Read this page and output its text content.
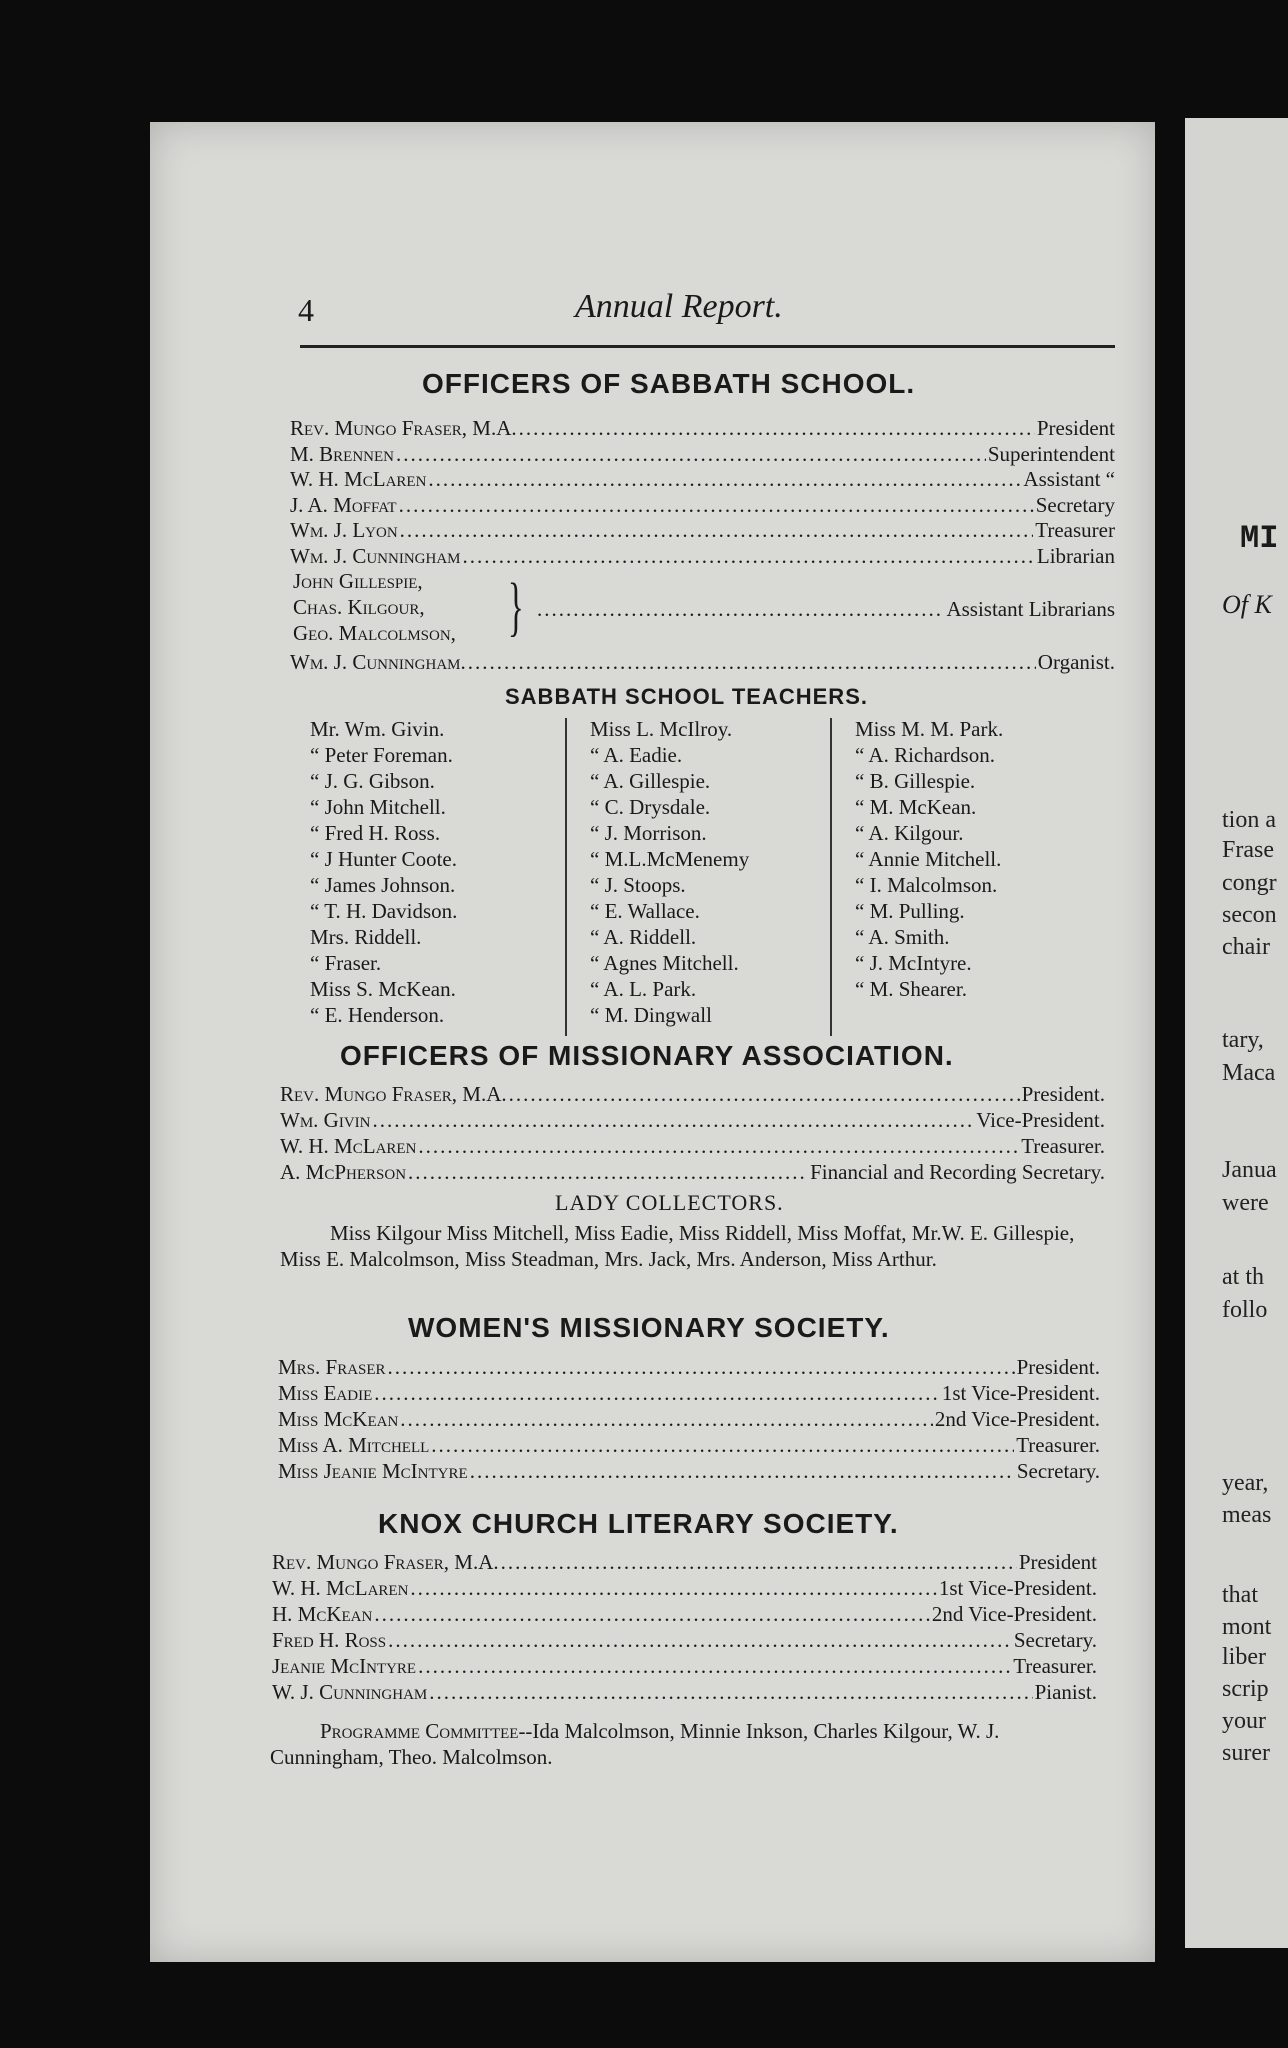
4	Annual Report.
OFFICERS OF SABBATH SCHOOL.
Rev. Mungo Fraser, M.A. .....	President
M. Brennen .....	Superintendent
W. H. McLaren .....	Assistant “
J. A. Moffat .....	Secretary
Wm. J. Lyon .....	Treasurer
Wm. J. Cunningham .....	Librarian
John Gillespie,
Chas. Kilgour,
Geo. Malcolmson, } .....	Assistant Librarians
Wm. J. Cunningham. .....	Organist.
SABBATH SCHOOL TEACHERS.
Mr. Wm. Givin.
“ Peter Foreman.
“ J. G. Gibson.
“ John Mitchell.
“ Fred H. Ross.
“ J Hunter Coote.
“ James Johnson.
“ T. H. Davidson.
Mrs. Riddell.
“ Fraser.
Miss S. McKean.
“ E. Henderson.
Miss L. McIlroy.
“ A. Eadie.
“ A. Gillespie.
“ C. Drysdale.
“ J. Morrison.
“ M.L.McMenemy
“ J. Stoops.
“ E. Wallace.
“ A. Riddell.
“ Agnes Mitchell.
“ A. L. Park.
“ M. Dingwall
Miss M. M. Park.
“ A. Richardson.
“ B. Gillespie.
“ M. McKean.
“ A. Kilgour.
“ Annie Mitchell.
“ I. Malcolmson.
“ M. Pulling.
“ A. Smith.
“ J. McIntyre.
“ M. Shearer.
OFFICERS OF MISSIONARY ASSOCIATION.
Rev. Mungo Fraser, M.A. .....	President.
Wm. Givin .....	Vice-President.
W. H. McLaren .....	Treasurer.
A. McPherson .....	Financial and Recording Secretary.
LADY COLLECTORS.
Miss Kilgour Miss Mitchell, Miss Eadie, Miss Riddell, Miss Moffat, Mr.W. E. Gillespie, Miss E. Malcolmson, Miss Steadman, Mrs. Jack, Mrs. Anderson, Miss Arthur.
WOMEN'S MISSIONARY SOCIETY.
Mrs. Fraser .....	President.
Miss Eadie .....	1st Vice-President.
Miss McKean .....	2nd Vice-President.
Miss A. Mitchell .....	Treasurer.
Miss Jeanie McIntyre .....	Secretary.
KNOX CHURCH LITERARY SOCIETY.
Rev. Mungo Fraser, M.A. .....	President
W. H. McLaren .....	1st Vice-President.
H. McKean .....	2nd Vice-President.
Fred H. Ross .....	Secretary.
Jeanie McIntyre .....	Treasurer.
W. J. Cunningham .....	Pianist.
Programme Committee--Ida Malcolmson, Minnie Inkson, Charles Kilgour, W. J. Cunningham, Theo. Malcolmson.
MI
Of K
tion a
Frase
congr
secon
chair
tary,
Maca
Janua
were
at th
follo
year,
meas
that
mont
liber
scrip
your
surer
